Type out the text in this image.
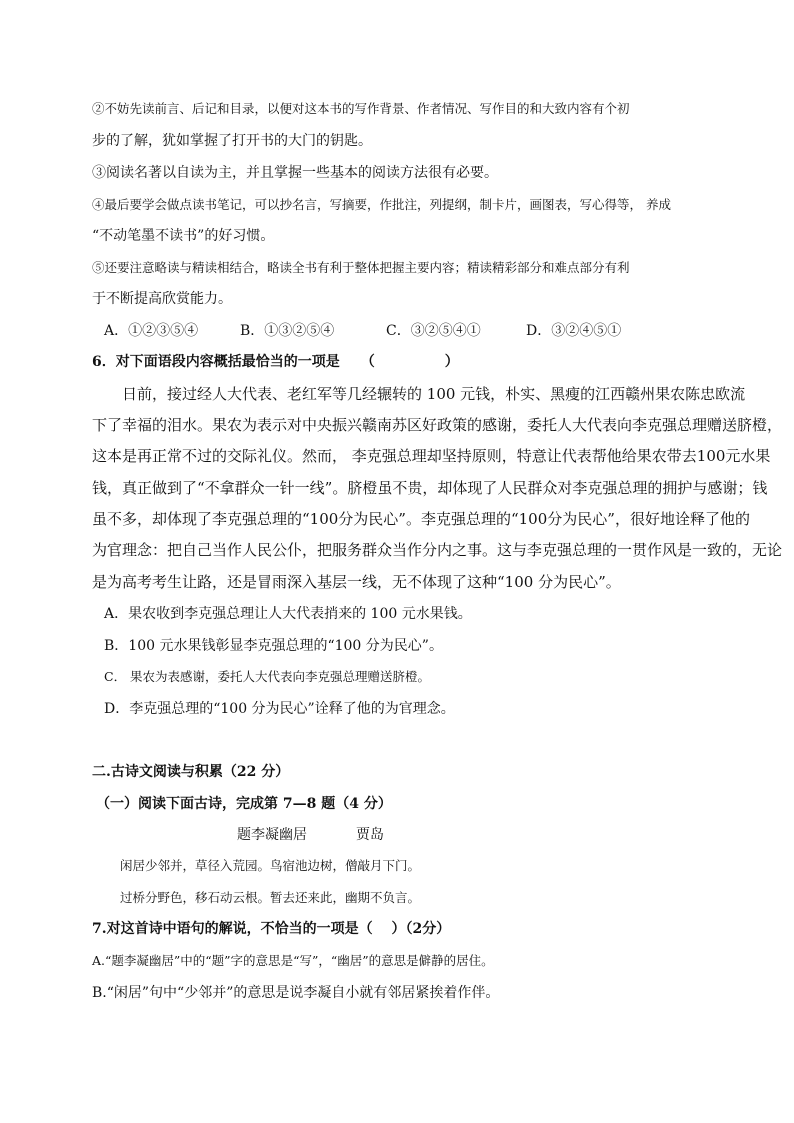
②不妨先读前言、后记和目录，以便对这本书的写作背景、作者情况、写作目的和大致内容有个初
步的了解，犹如掌握了打开书的大门的钥匙。
③阅读名著以自读为主，并且掌握一些基本的阅读方法很有必要。
④最后要学会做点读书笔记，可以抄名言，写摘要，作批注，列提纲，制卡片，画图表，写心得等， 养成
“不动笔墨不读书”的好习惯。
⑤还要注意略读与精读相结合，略读全书有利于整体把握主要内容；精读精彩部分和难点部分有利
于不断提高欣赏能力。
A．①②③⑤④	B．①③②⑤④	C．③②⑤④①	D．③②④⑤①
6．对下面语段内容概括最恰当的一项是　　（　　　　　）
　　日前，接过经人大代表、老红军等几经辗转的 100 元钱，朴实、黑瘦的江西赣州果农陈忠欧流
下了幸福的泪水。果农为表示对中央振兴赣南苏区好政策的感谢，委托人大代表向李克强总理赠送脐橙，
这本是再正常不过的交际礼仪。然而， 李克强总理却坚持原则，特意让代表帮他给果农带去100元水果
钱，真正做到了“不拿群众一针一线”。脐橙虽不贵，却体现了人民群众对李克强总理的拥护与感谢；钱
虽不多，却体现了李克强总理的“100分为民心”。李克强总理的“100分为民心”，很好地诠释了他的
为官理念：把自己当作人民公仆，把服务群众当作分内之事。这与李克强总理的一贯作风是一致的，无论
是为高考考生让路，还是冒雨深入基层一线，无不体现了这种“100 分为民心”。
A．果农收到李克强总理让人大代表捎来的 100 元水果钱。
B．100 元水果钱彰显李克强总理的“100 分为民心”。
C． 果农为表感谢，委托人大代表向李克强总理赠送脐橙。
D．李克强总理的“100 分为民心”诠释了他的为官理念。
二.古诗文阅读与积累（22 分）
（一）阅读下面古诗，完成第 7—8 题（4 分）
题李凝幽居	贾岛
闲居少邻并，草径入荒园。鸟宿池边树，僧敲月下门。
过桥分野色，移石动云根。暂去还来此，幽期不负言。
7.对这首诗中语句的解说，不恰当的一项是（　 ）（2分）
A.“题李凝幽居”中的“题”字的意思是“写”，“幽居”的意思是僻静的居住。
B.“闲居”句中“少邻并”的意思是说李凝自小就有邻居紧挨着作伴。
